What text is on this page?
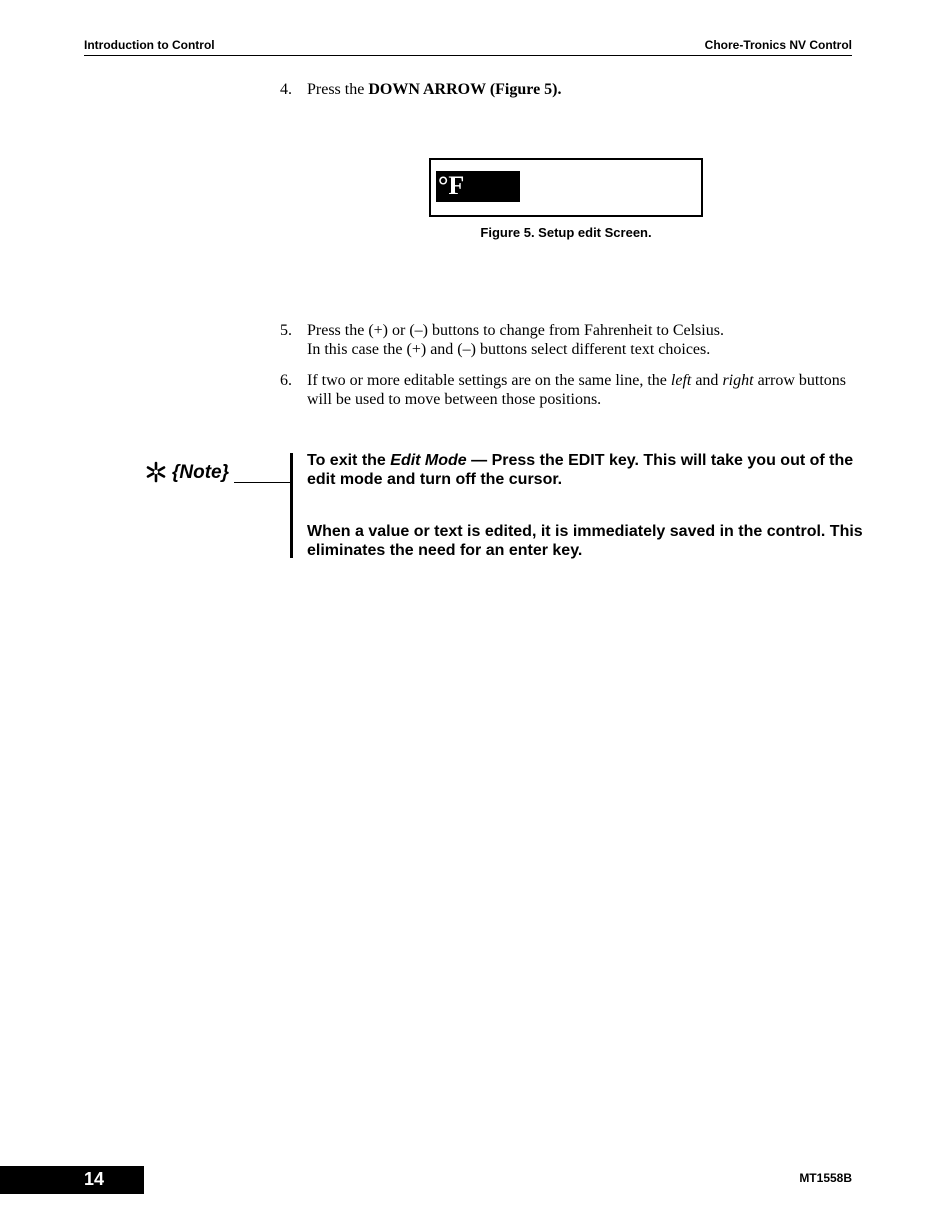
Introduction to Control	Chore-Tronics NV Control
4. Press the DOWN ARROW (Figure 5).
°F
Figure 5. Setup edit Screen.
5. Press the (+) or (–) buttons to change from Fahrenheit to Celsius.
In this case the (+) and (–) buttons select different text choices.
6. If two or more editable settings are on the same line, the left and right arrow buttons will be used to move between those positions.
{Note}
To exit the Edit Mode — Press the EDIT key. This will take you out of the edit mode and turn off the cursor.
When a value or text is edited, it is immediately saved in the control. This eliminates the need for an enter key.
14	MT1558B
